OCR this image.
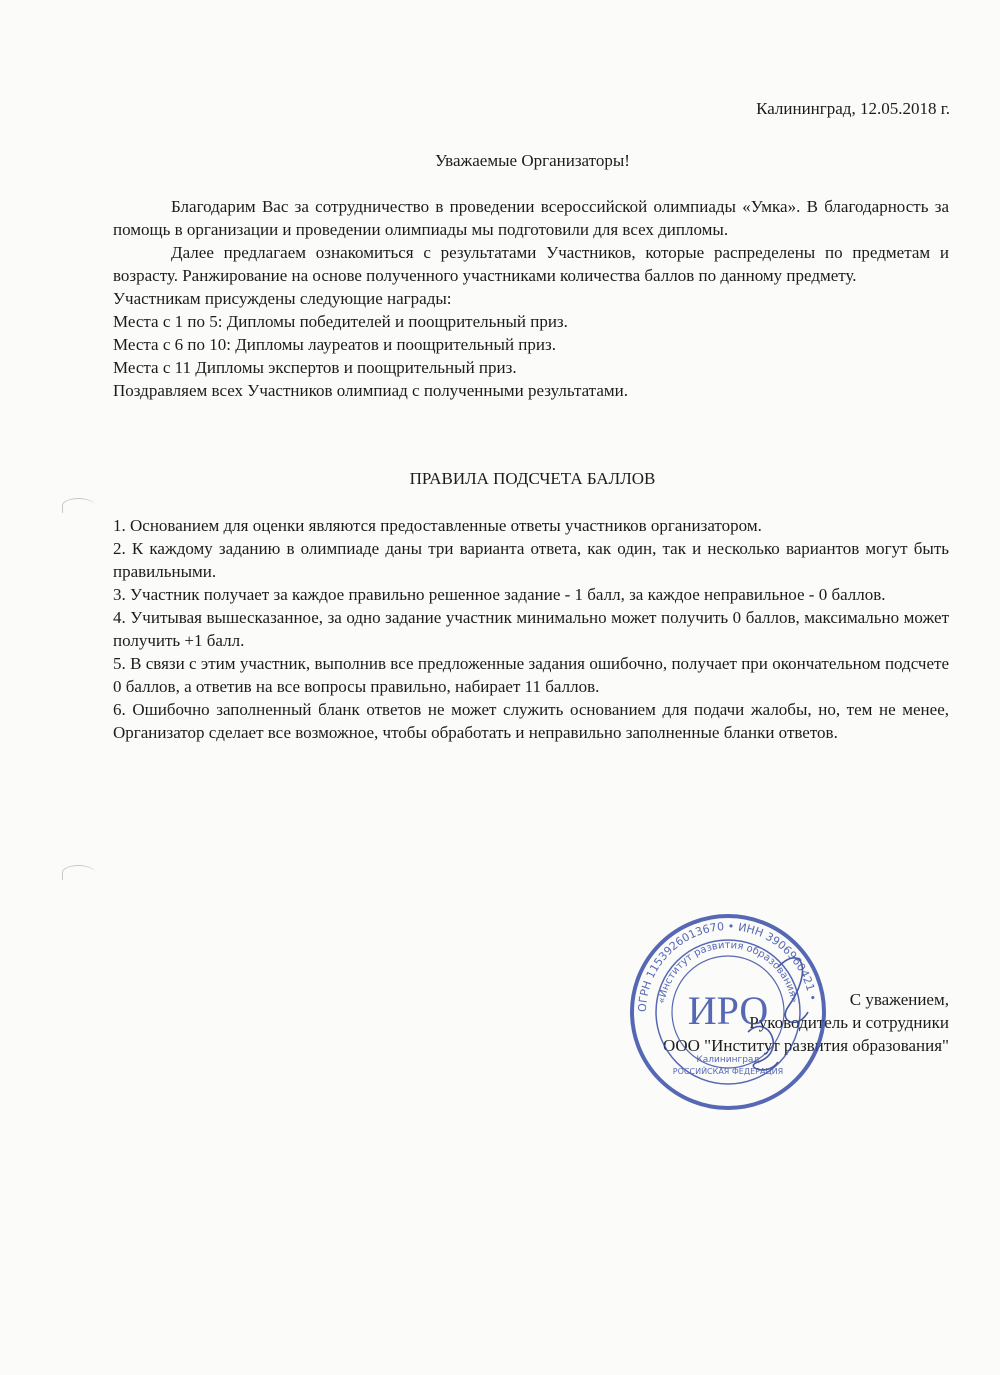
Калининград, 12.05.2018 г.
Уважаемые Организаторы!

Благодарим Вас за сотрудничество в проведении всероссийской олимпиады «Умка». В благодарность за помощь в организации и проведении олимпиады мы подготовили для всех дипломы.

Далее предлагаем ознакомиться с результатами Участников, которые распределены по предметам и возрасту. Ранжирование на основе полученного участниками количества баллов по данному предмету.

Участникам присуждены следующие награды:

Места с 1 по 5: Дипломы победителей и поощрительный приз.

Места с 6 по 10: Дипломы лауреатов и поощрительный приз.

Места с 11 Дипломы экспертов и поощрительный приз.

Поздравляем всех Участников олимпиад с полученными результатами.

ПРАВИЛА ПОДСЧЕТА БАЛЛОВ

1. Основанием для оценки являются предоставленные ответы участников организатором.

2. К каждому заданию в олимпиаде даны три варианта ответа, как один, так и несколько вариантов могут быть правильными.

3. Участник получает за каждое правильно решенное задание - 1 балл, за каждое неправильное - 0 баллов.

4. Учитывая вышесказанное, за одно задание участник минимально может получить 0 баллов, максимально может получить +1 балл.

5. В связи с этим участник, выполнив все предложенные задания ошибочно, получает при окончательном подсчете 0 баллов, а ответив на все вопросы правильно, набирает 11 баллов.

6. Ошибочно заполненный бланк ответов не может служить основанием для подачи жалобы, но, тем не менее, Организатор сделает все возможное, чтобы обработать и неправильно заполненные бланки ответов.

С уважением,
Руководитель и сотрудники
ООО "Институт развития образования"
ОГРН 1153926013670 • ИНН 3906960421 •
«Институт развития образования»
ИРО
Калининград
РОССИЙСКАЯ ФЕДЕРАЦИЯ
